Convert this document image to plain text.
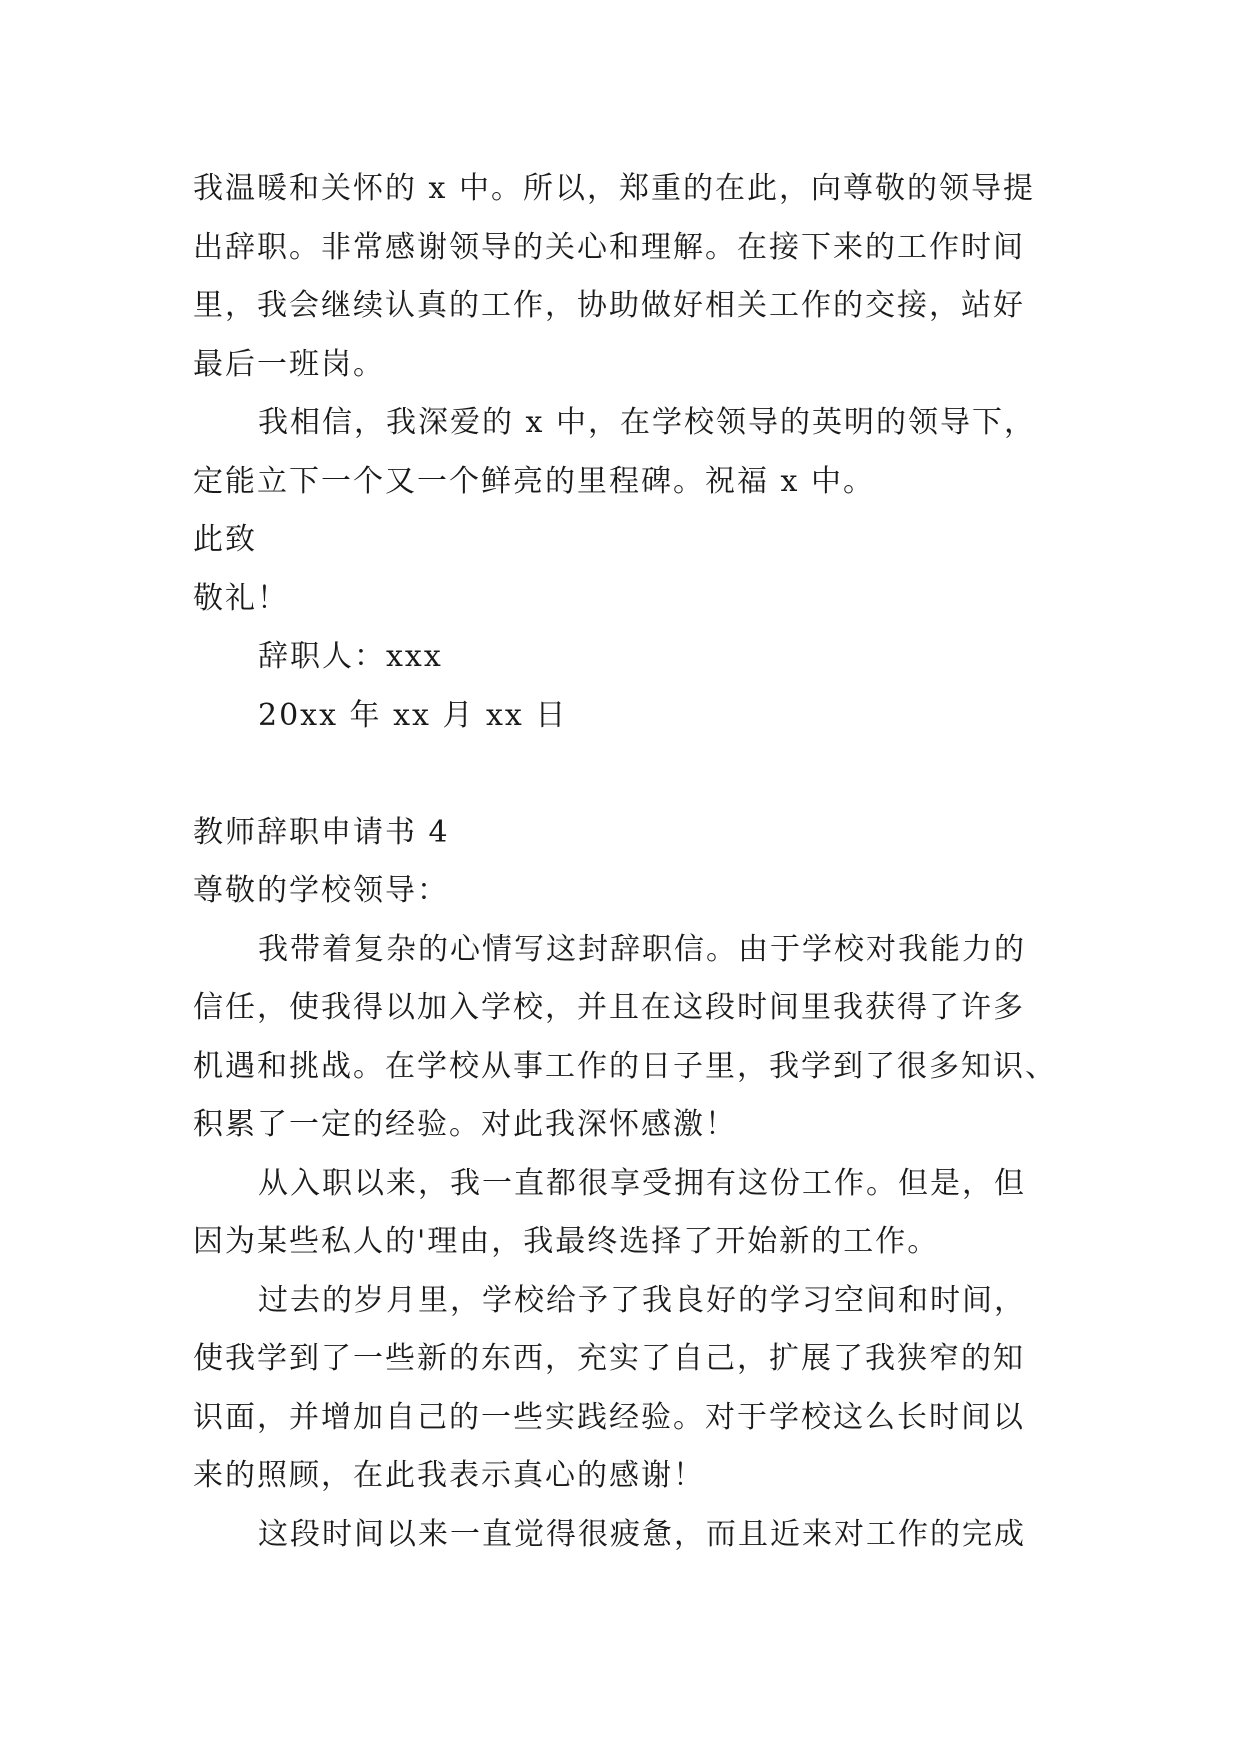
我温暖和关怀的 x 中。所以，郑重的在此，向尊敬的领导提
出辞职。非常感谢领导的关心和理解。在接下来的工作时间
里，我会继续认真的工作，协助做好相关工作的交接，站好
最后一班岗。
我相信，我深爱的 x 中，在学校领导的英明的领导下，
定能立下一个又一个鲜亮的里程碑。祝福 x 中。
此致
敬礼！
辞职人：xxx
20xx 年 xx 月 xx 日
教师辞职申请书 4
尊敬的学校领导：
我带着复杂的心情写这封辞职信。由于学校对我能力的
信任，使我得以加入学校，并且在这段时间里我获得了许多
机遇和挑战。在学校从事工作的日子里，我学到了很多知识、
积累了一定的经验。对此我深怀感激！
从入职以来，我一直都很享受拥有这份工作。但是，但
因为某些私人的'理由，我最终选择了开始新的工作。
过去的岁月里，学校给予了我良好的学习空间和时间，
使我学到了一些新的东西，充实了自己，扩展了我狭窄的知
识面，并增加自己的一些实践经验。对于学校这么长时间以
来的照顾，在此我表示真心的感谢！
这段时间以来一直觉得很疲惫，而且近来对工作的完成
